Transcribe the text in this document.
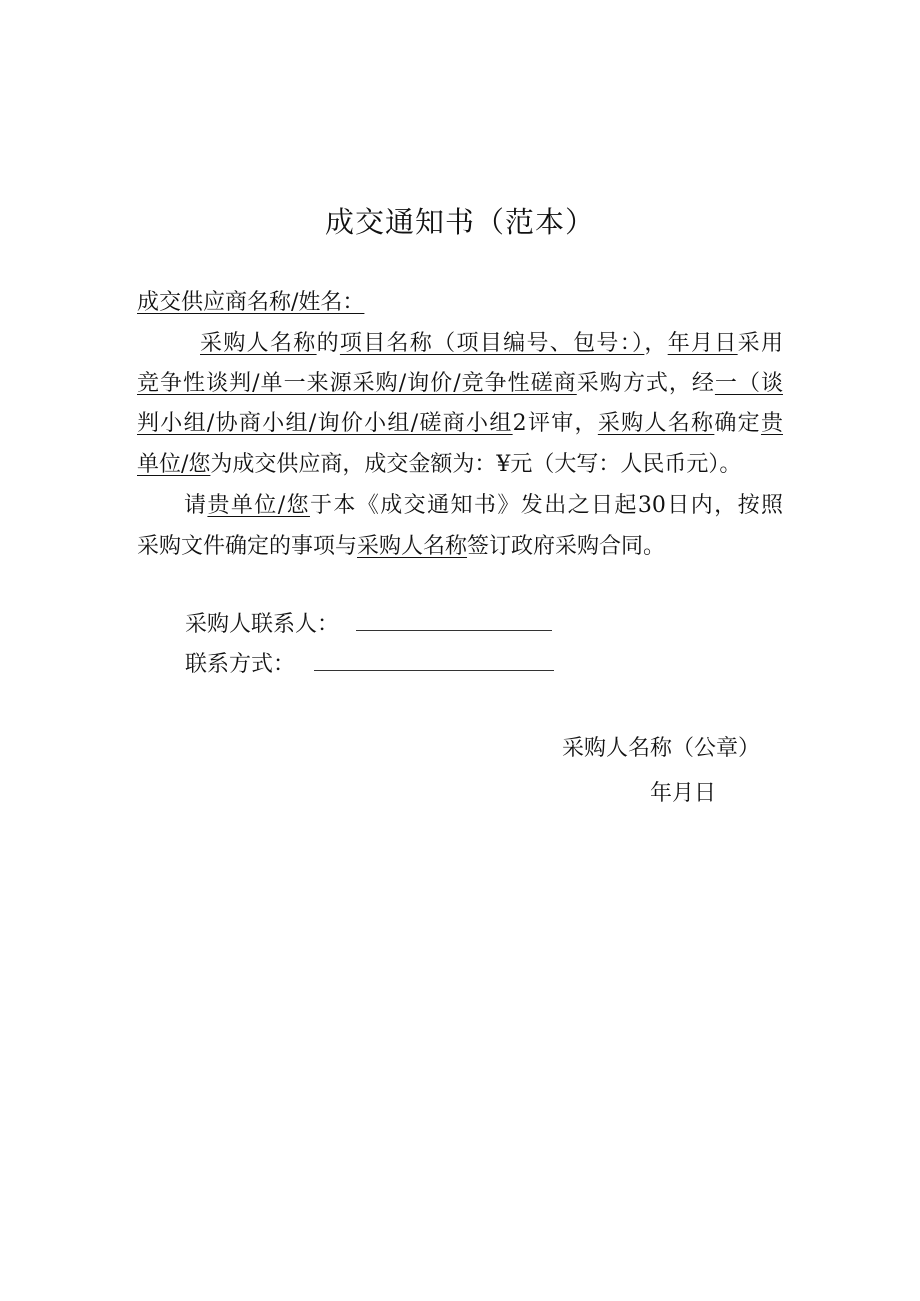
成交通知书（范本）
成交供应商名称/姓名：
采购人名称的项目名称（项目编号、包号：），年月日采用
竞争性谈判/单一来源采购/询价/竞争性磋商采购方式，经一（谈
判小组/协商小组/询价小组/磋商小组2评审，采购人名称确定贵
单位/您为成交供应商，成交金额为：¥元（大写：人民币元）。
请贵单位/您于本《成交通知书》发出之日起30日内，按照
采购文件确定的事项与采购人名称签订政府采购合同。
采购人联系人：
联系方式：
采购人名称（公章）
年月日
